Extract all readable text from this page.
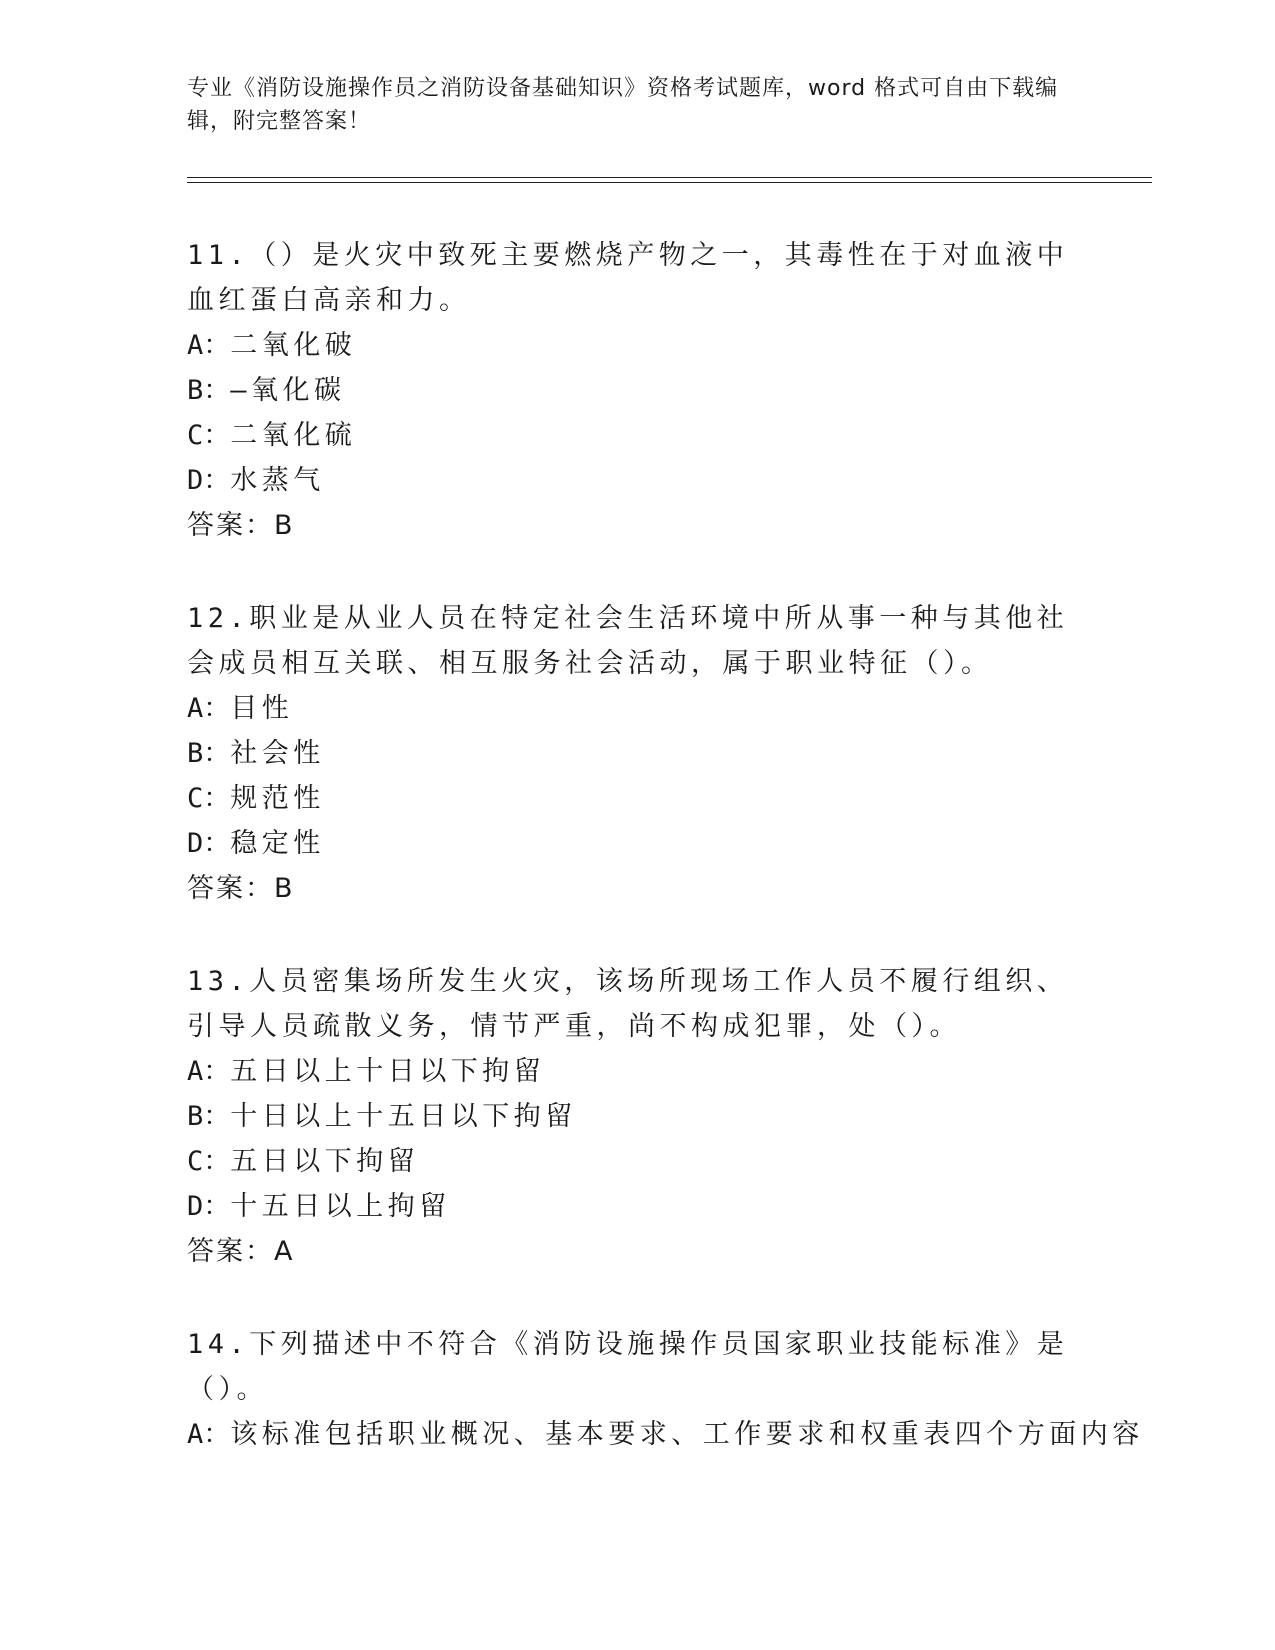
专业《消防设施操作员之消防设备基础知识》资格考试题库，word 格式可自由下载编辑，附完整答案！
11.（）是火灾中致死主要燃烧产物之一，其毒性在于对血液中血红蛋白高亲和力。
A：二氧化破
B：—氧化碳
C：二氧化硫
D：水蒸气
答案：B
12.职业是从业人员在特定社会生活环境中所从事一种与其他社会成员相互关联、相互服务社会活动，属于职业特征（）。
A：目性
B：社会性
C：规范性
D：稳定性
答案：B
13.人员密集场所发生火灾，该场所现场工作人员不履行组织、引导人员疏散义务，情节严重，尚不构成犯罪，处（）。
A：五日以上十日以下拘留
B：十日以上十五日以下拘留
C：五日以下拘留
D：十五日以上拘留
答案：A
14.下列描述中不符合《消防设施操作员国家职业技能标准》是（）。
A：该标准包括职业概况、基本要求、工作要求和权重表四个方面内容
